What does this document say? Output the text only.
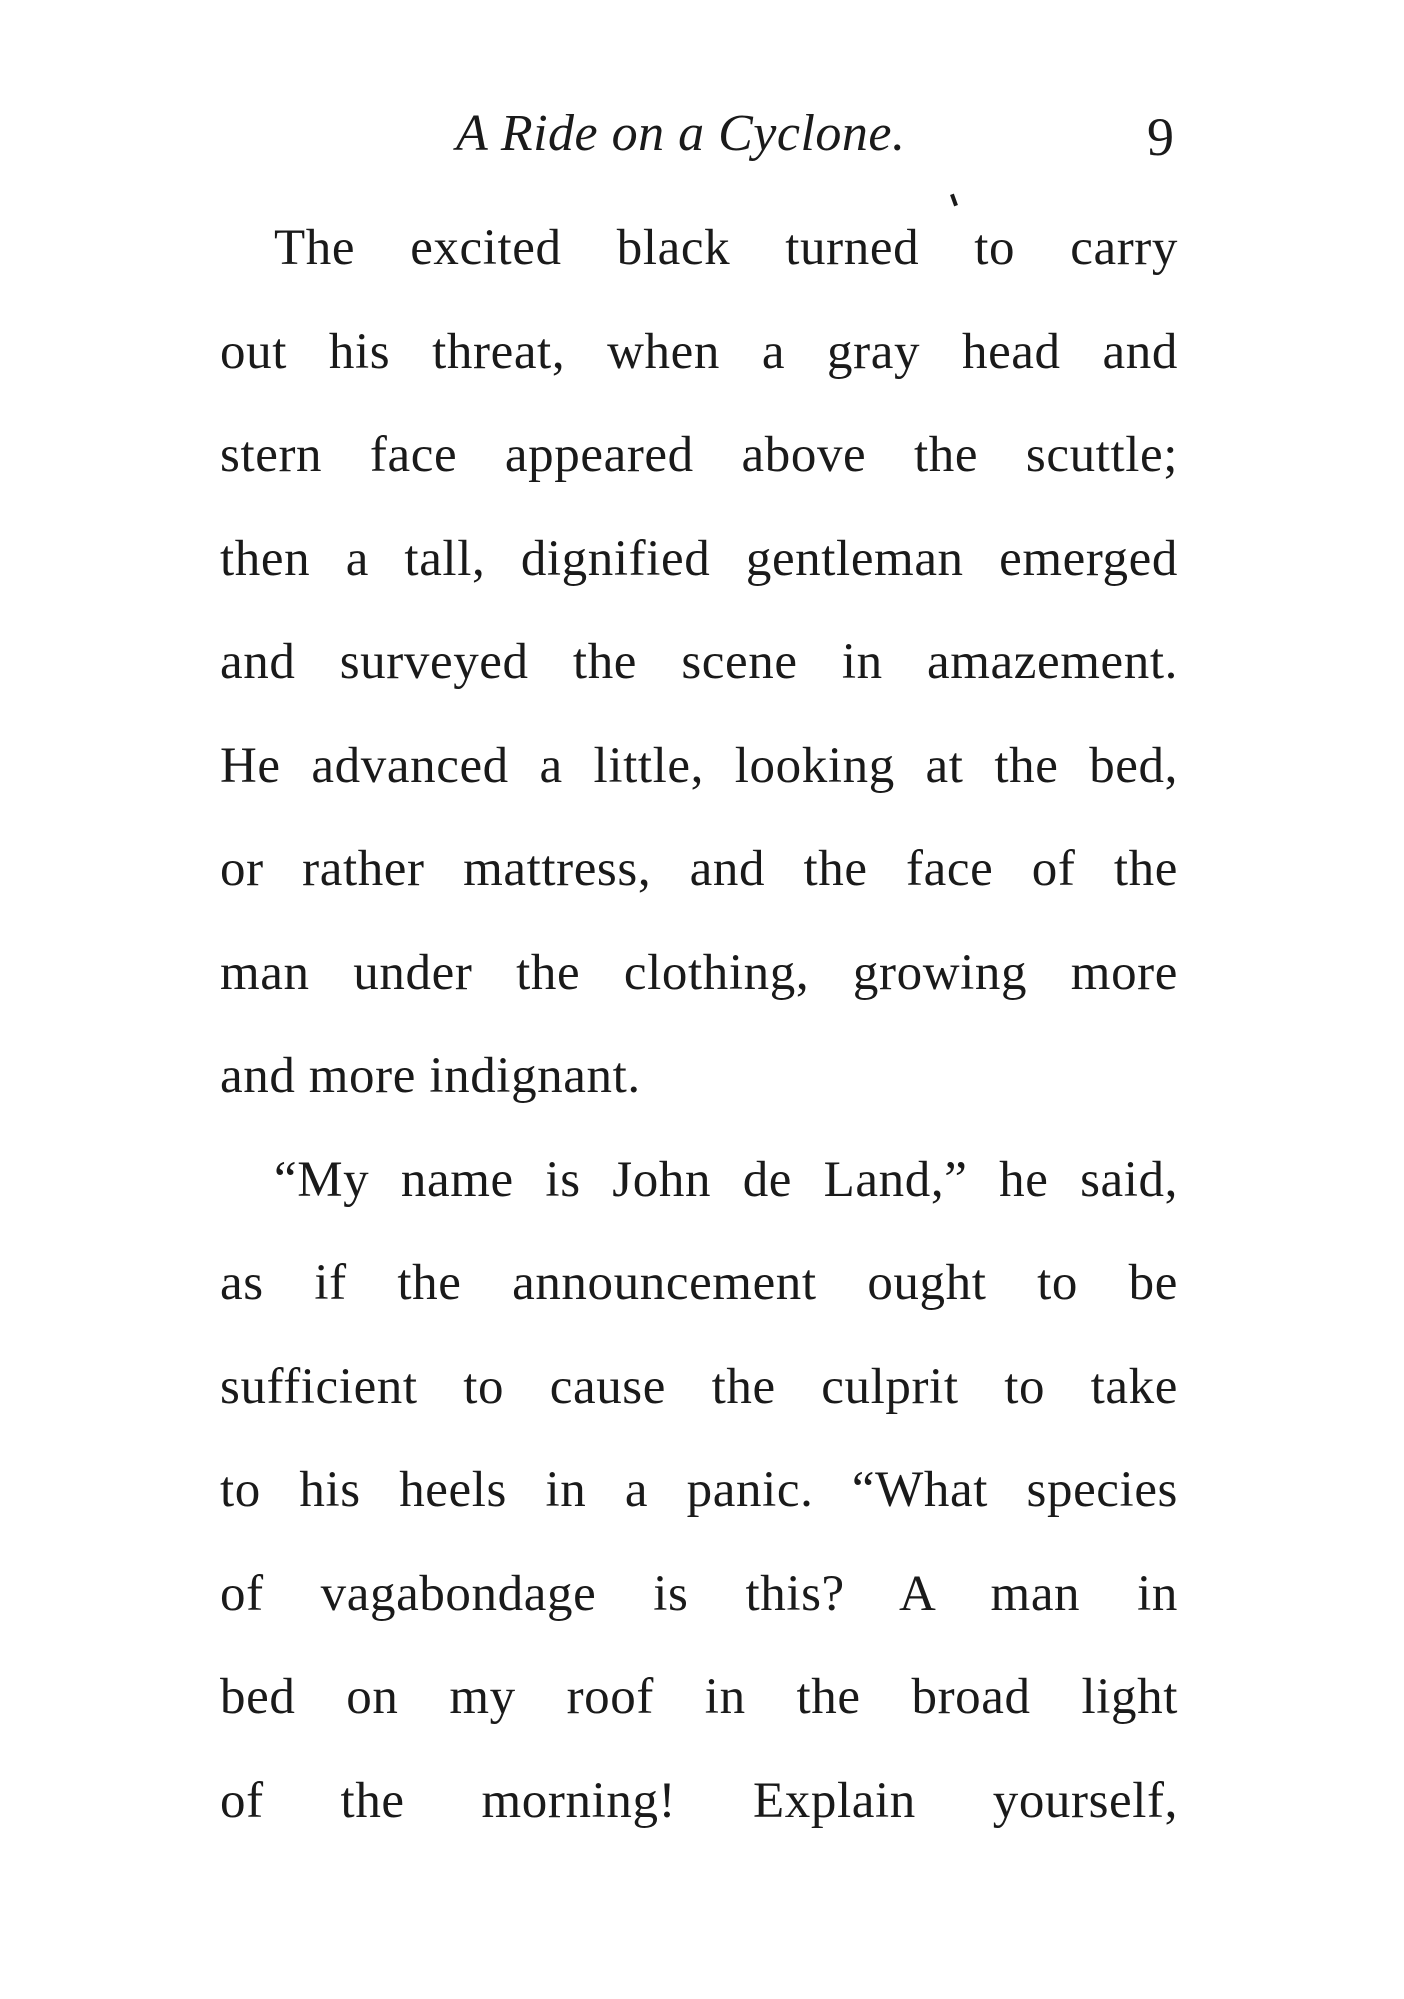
A Ride on a Cyclone.	9
The excited black turned to carry
out his threat, when a gray head and
stern face appeared above the scuttle;
then a tall, dignified gentleman emerged
and surveyed the scene in amazement.
He advanced a little, looking at the bed,
or rather mattress, and the face of the
man under the clothing, growing more
and more indignant.
“My name is John de Land,” he said,
as if the announcement ought to be
sufficient to cause the culprit to take
to his heels in a panic. “What species
of vagabondage is this? A man in
bed on my roof in the broad light
of the morning! Explain yourself,
